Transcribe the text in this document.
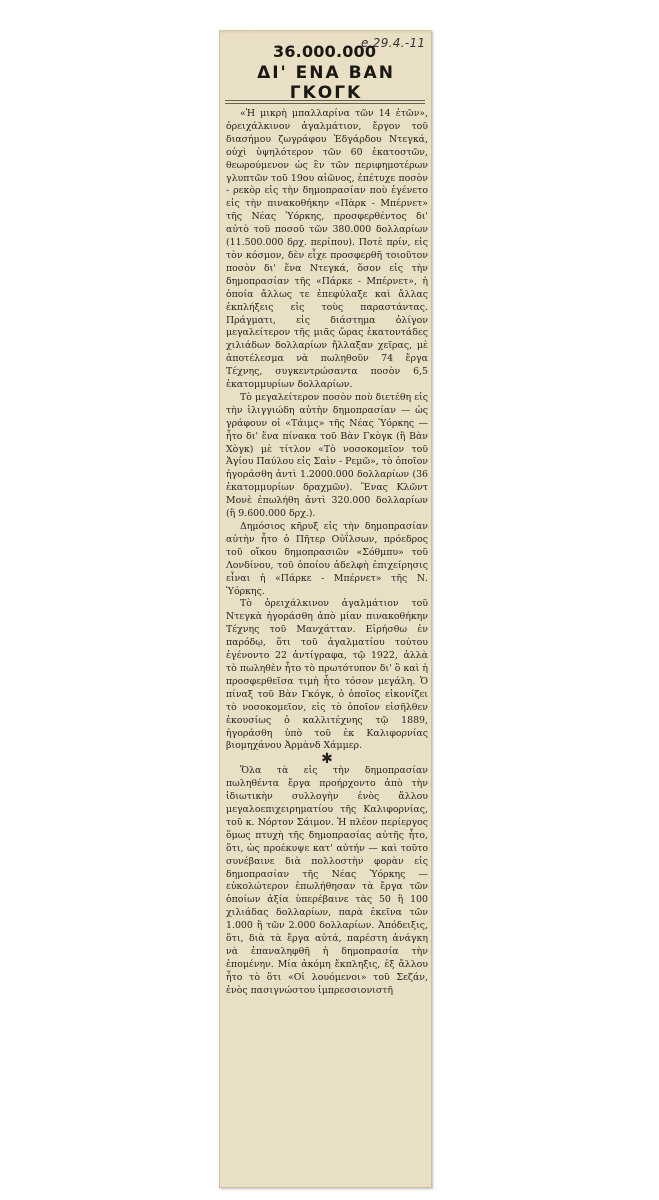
e 29.4.-11
36.000.000
ΔΙ' ΕΝΑ ΒΑΝ ΓΚΟΓΚ

«Ἡ μικρὴ μπαλλαρίνα τῶν 14 ἐτῶν», ὀρειχάλκινον ἀγαλμάτιον, ἔργον τοῦ διασήμου ζωγράφου Ἐδγάρδου Ντεγκά, οὐχὶ ὑψηλότερον τῶν 60 ἑκατοστῶν, θεωρούμενον ὡς ἓν τῶν περιφημοτέρων γλυπτῶν τοῦ 19ου αἰῶνος, ἐπέτυχε ποσὸν - ρεκὸρ εἰς τὴν δημοπρασίαν ποὺ ἐγένετο εἰς τὴν πινακοθήκην «Πὰρκ - Μπέρνετ» τῆς Νέας Ὑόρκης, προσφερθέντος δι' αὐτὸ τοῦ ποσοῦ τῶν 380.000 δολλαρίων (11.500.000 δρχ. περίπου). Ποτὲ πρίν, εἰς τὸν κόσμον, δὲν εἶχε προσφερθῆ τοιοῦτον ποσὸν δι' ἕνα Ντεγκά, ὅσον εἰς τὴν δημοπρασίαν τῆς «Πάρκε - Μπέρνετ», ἡ ὁποία ἄλλως τε ἐπεφύλαξε καὶ ἄλλας ἐκπλήξεις εἰς τοὺς παραστάντας. Πράγματι, εἰς διάστημα ὀλίγον μεγαλείτερον τῆς μιᾶς ὥρας ἑκατοντάδες χιλιάδων δολλαρίων ἤλλαξαν χεῖρας, μὲ ἀποτέλεσμα νὰ πωληθοῦν 74 ἔργα Τέχνης, συγκεντρώσαντα ποσὸν 6,5 ἑκατομμυρίων δολλαρίων.

Τὸ μεγαλείτερον ποσὸν ποὺ διετέθη εἰς τὴν ἰλιγγιώδη αὐτὴν δημοπρασίαν — ὡς γράφουν οἱ «Τάιμς» τῆς Νέας Ὑόρκης — ἦτο δι' ἕνα πίνακα τοῦ Βὰν Γκὸγκ (ἢ Βὰν Χὸγκ) μὲ τίτλον «Τὸ νοσοκομεῖον τοῦ Ἁγίου Παύλου εἰς Σαὶν - Ρεμῶ», τὸ ὁποῖον ἠγοράσθη ἀντὶ 1.2000.000 δολλαρίων (36 ἑκατομμυρίων δραχμῶν). Ἕνας Κλῶντ Μονὲ ἐπωλήθη ἀντὶ 320.000 δολλαρίων (ἢ 9.600.000 δρχ.).

Δημόσιος κῆρυξ εἰς τὴν δημοπρασίαν αὐτὴν ἦτο ὁ Πῆτερ Οὐΐλσων, πρόεδρος τοῦ οἴκου δημοπρασιῶν «Σόθμπυ» τοῦ Λονδίνου, τοῦ ὁποίου ἀδελφὴ ἐπιχείρησις εἶναι ἡ «Πάρκε - Μπέρνετ» τῆς Ν. Ὑόρκης.

Τὸ ὀρειχάλκινον ἀγαλμάτιον τοῦ Ντεγκὰ ἠγοράσθη ἀπὸ μίαν πινακοθήκην Τέχνης τοῦ Μανχάτταν. Εἰρήσθω ἐν παρόδῳ, ὅτι τοῦ ἀγαλματίου τούτου ἐγένοντο 22 ἀντίγραφα, τῷ 1922, ἀλλὰ τὸ πωληθὲν ἦτο τὸ πρωτότυπον δι' ὃ καὶ ἡ προσφερθεῖσα τιμὴ ἦτο τόσον μεγάλη. Ὁ πίναξ τοῦ Βὰν Γκόγκ, ὁ ὁποῖος εἰκονίζει τὸ νοσοκομεῖον, εἰς τὸ ὁποῖον εἰσῆλθεν ἑκουσίως ὁ καλλιτέχνης τῷ 1889, ἠγοράσθη ὑπὸ τοῦ ἐκ Καλιφορνίας βιομηχάνου Ἀρμὰνδ Χάμμερ.

✱

Ὅλα τὰ εἰς τὴν δημοπρασίαν πωληθέντα ἔργα προήρχοντο ἀπὸ τὴν ἰδιωτικὴν συλλογὴν ἑνὸς ἄλλου μεγαλοεπιχειρηματίου τῆς Καλιφορνίας, τοῦ κ. Νόρτον Σάιμον. Ἡ πλέον περίεργος ὅμως πτυχὴ τῆς δημοπρασίας αὐτῆς ἦτο, ὅτι, ὡς προέκυψε κατ' αὐτήν — καὶ τοῦτο συνέβαινε διὰ πολλοστὴν φορὰν εἰς δημοπρασίαν τῆς Νέας Ὑόρκης — εὐκολώτερον ἐπωλήθησαν τὰ ἔργα τῶν ὁποίων ἀξία ὑπερέβαινε τὰς 50 ἢ 100 χιλιάδας δολλαρίων, παρὰ ἐκεῖνα τῶν 1.000 ἢ τῶν 2.000 δολλαρίων. Ἀπόδειξις, ὅτι, διὰ τὰ ἔργα αὐτά, παρέστη ἀνάγκη νὰ ἐπαναληφθῆ ἡ δημοπρασία τὴν ἐπομένην. Μία ἀκόμη ἔκπληξις, ἐξ ἄλλου ἦτο τὸ ὅτι «Οἱ λουόμενοι» τοῦ Σεζάν, ἑνὸς πασιγνώστου ἰμπρεσσιονιστῆ
